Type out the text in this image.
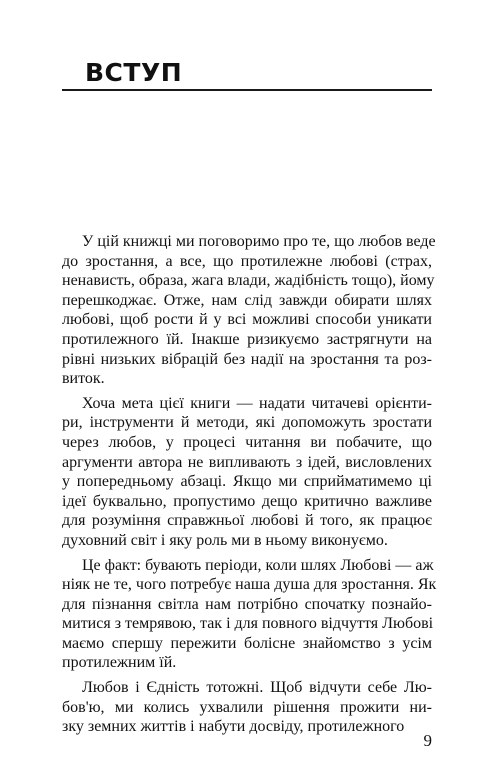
ВСТУП
У цій книжці ми поговоримо про те, що любов веде
до зростання, а все, що протилежне любові (страх,
ненависть, образа, жага влади, жадібність тощо), йому
перешкоджає. Отже, нам слід завжди обирати шлях
любові, щоб рости й у всі можливі способи уникати
протилежного їй. Інакше ризикуємо застрягнути на
рівні низьких вібрацій без надії на зростання та роз-
виток.
Хоча мета цієї книги — надати читачеві орієнти-
ри, інструменти й методи, які допоможуть зростати
через любов, у процесі читання ви побачите, що
аргументи автора не випливають з ідей, висловлених
у попередньому абзаці. Якщо ми сприйматимемо ці
ідеї буквально, пропустимо дещо критично важливе
для розуміння справжньої любові й того, як працює
духовний світ і яку роль ми в ньому виконуємо.
Це факт: бувають періоди, коли шлях Любові — аж
ніяк не те, чого потребує наша душа для зростання. Як
для пізнання світла нам потрібно спочатку познайо-
митися з темрявою, так і для повного відчуття Любові
маємо спершу пережити болісне знайомство з усім
протилежним їй.
Любов і Єдність тотожні. Щоб відчути себе Лю-
бов'ю, ми колись ухвалили рішення прожити ни-
зку земних життів і набути досвіду, протилежного
9
